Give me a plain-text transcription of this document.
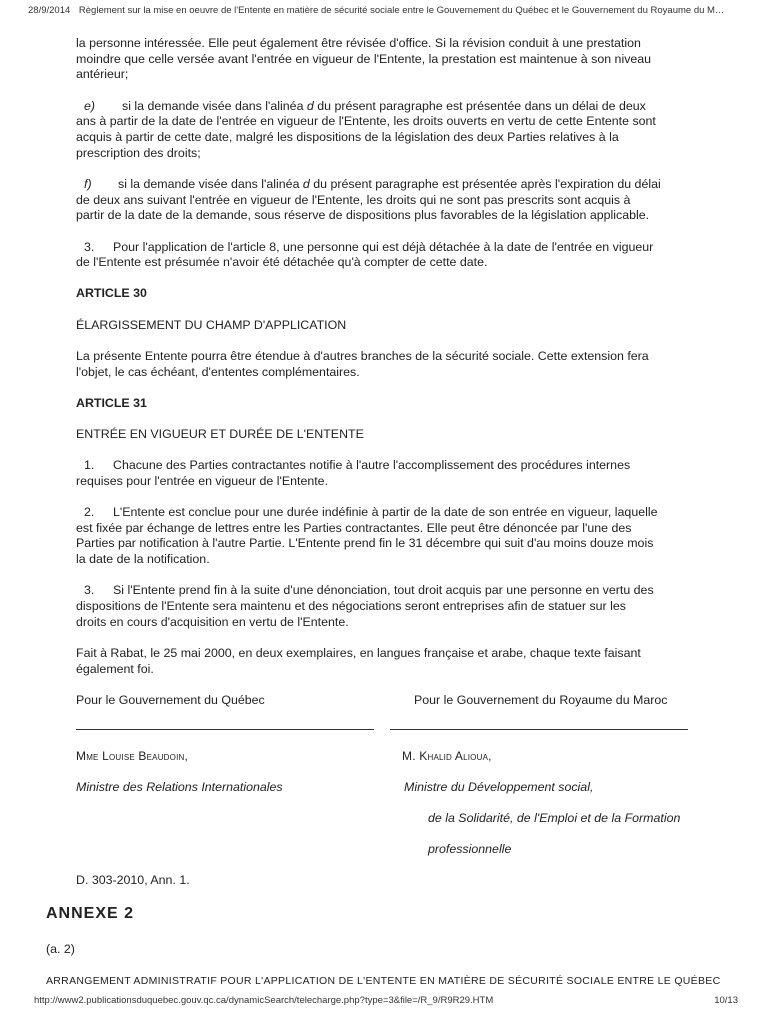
28/9/2014 Règlement sur la mise en oeuvre de l'Entente en matière de sécurité sociale entre le Gouvernement du Québec et le Gouvernement du Royaume du M…

la personne intéressée. Elle peut également être révisée d'office. Si la révision conduit à une prestation

moindre que celle versée avant l'entrée en vigueur de l'Entente, la prestation est maintenue à son niveau

antérieur;

e) si la demande visée dans l'alinéa d du présent paragraphe est présentée dans un délai de deux

ans à partir de la date de l'entrée en vigueur de l'Entente, les droits ouverts en vertu de cette Entente sont

acquis à partir de cette date, malgré les dispositions de la législation des deux Parties relatives à la

prescription des droits;

f) si la demande visée dans l'alinéa d du présent paragraphe est présentée après l'expiration du délai

de deux ans suivant l'entrée en vigueur de l'Entente, les droits qui ne sont pas prescrits sont acquis à

partir de la date de la demande, sous réserve de dispositions plus favorables de la législation applicable.

3. Pour l'application de l'article 8, une personne qui est déjà détachée à la date de l'entrée en vigueur

de l'Entente est présumée n'avoir été détachée qu'à compter de cette date.

ARTICLE 30

ÉLARGISSEMENT DU CHAMP D'APPLICATION

La présente Entente pourra être étendue à d'autres branches de la sécurité sociale. Cette extension fera

l'objet, le cas échéant, d'ententes complémentaires.

ARTICLE 31

ENTRÉE EN VIGUEUR ET DURÉE DE L'ENTENTE

1. Chacune des Parties contractantes notifie à l'autre l'accomplissement des procédures internes

requises pour l'entrée en vigueur de l'Entente.

2. L'Entente est conclue pour une durée indéfinie à partir de la date de son entrée en vigueur, laquelle

est fixée par échange de lettres entre les Parties contractantes. Elle peut être dénoncée par l'une des

Parties par notification à l'autre Partie. L'Entente prend fin le 31 décembre qui suit d'au moins douze mois

la date de la notification.

3. Si l'Entente prend fin à la suite d'une dénonciation, tout droit acquis par une personne en vertu des

dispositions de l'Entente sera maintenu et des négociations seront entreprises afin de statuer sur les

droits en cours d'acquisition en vertu de l'Entente.

Fait à Rabat, le 25 mai 2000, en deux exemplaires, en langues française et arabe, chaque texte faisant

également foi.

Pour le Gouvernement du Québec	Pour le Gouvernement du Royaume du Maroc
Mme Louise Beaudoin,	M. Khalid Alioua,
Ministre des Relations Internationales	Ministre du Développement social,
de la Solidarité, de l'Emploi et de la Formation
professionnelle

D. 303-2010, Ann. 1.

ANNEXE 2
(a. 2)
ARRANGEMENT ADMINISTRATIF POUR L'APPLICATION DE L'ENTENTE EN MATIÈRE DE SÉCURITÉ SOCIALE ENTRE LE QUÉBEC
http://www2.publicationsduquebec.gouv.qc.ca/dynamicSearch/telecharge.php?type=3&file=/R_9/R9R29.HTM	10/13
